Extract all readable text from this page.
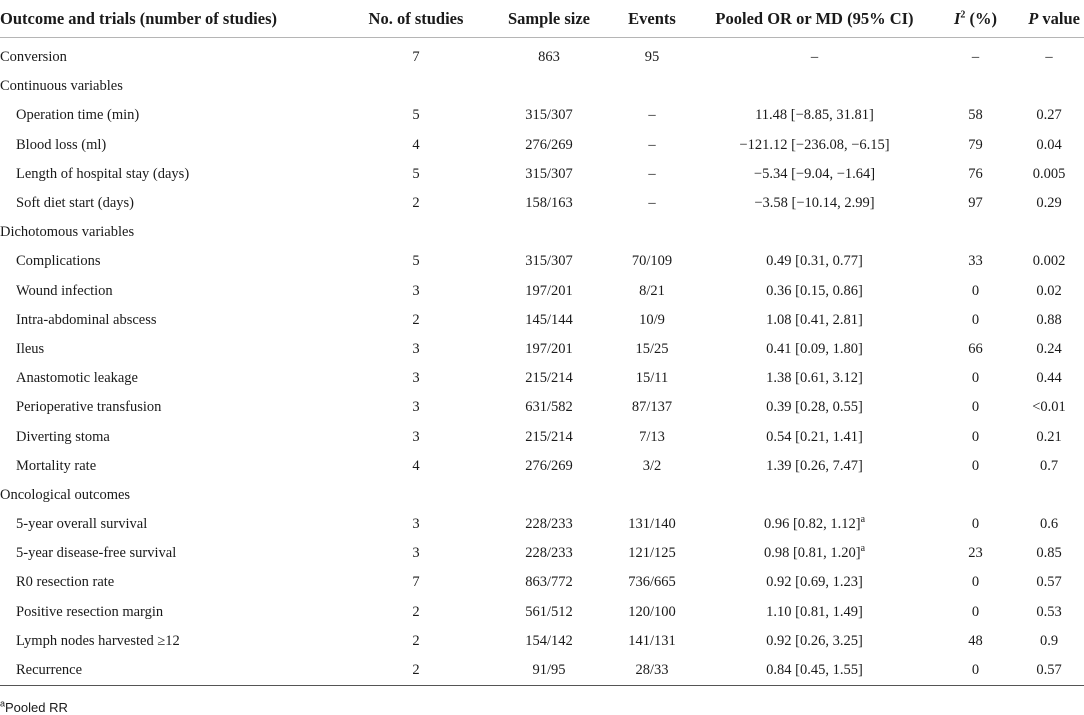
Outcome and trials (number of studies)	No. of studies	Sample size	Events	Pooled OR or MD (95% CI)	$I^2$ (%)	P value
Conversion	7	863	95	–	–	–
Continuous variables						
Operation time (min)	5	315/307	–	11.48 [−8.85, 31.81]	58	0.27
Blood loss (ml)	4	276/269	–	−121.12 [−236.08, −6.15]	79	0.04
Length of hospital stay (days)	5	315/307	–	−5.34 [−9.04, −1.64]	76	0.005
Soft diet start (days)	2	158/163	–	−3.58 [−10.14, 2.99]	97	0.29
Dichotomous variables						
Complications	5	315/307	70/109	0.49 [0.31, 0.77]	33	0.002
Wound infection	3	197/201	8/21	0.36 [0.15, 0.86]	0	0.02
Intra-abdominal abscess	2	145/144	10/9	1.08 [0.41, 2.81]	0	0.88
Ileus	3	197/201	15/25	0.41 [0.09, 1.80]	66	0.24
Anastomotic leakage	3	215/214	15/11	1.38 [0.61, 3.12]	0	0.44
Perioperative transfusion	3	631/582	87/137	0.39 [0.28, 0.55]	0	<0.01
Diverting stoma	3	215/214	7/13	0.54 [0.21, 1.41]	0	0.21
Mortality rate	4	276/269	3/2	1.39 [0.26, 7.47]	0	0.7
Oncological outcomes						
5-year overall survival	3	228/233	131/140	0.96 [0.82, 1.12]$^a$	0	0.6
5-year disease-free survival	3	228/233	121/125	0.98 [0.81, 1.20]$^a$	23	0.85
R0 resection rate	7	863/772	736/665	0.92 [0.69, 1.23]	0	0.57
Positive resection margin	2	561/512	120/100	1.10 [0.81, 1.49]	0	0.53
Lymph nodes harvested ≥12	2	154/142	141/131	0.92 [0.26, 3.25]	48	0.9
Recurrence	2	91/95	28/33	0.84 [0.45, 1.55]	0	0.57
$^a$Pooled RR
